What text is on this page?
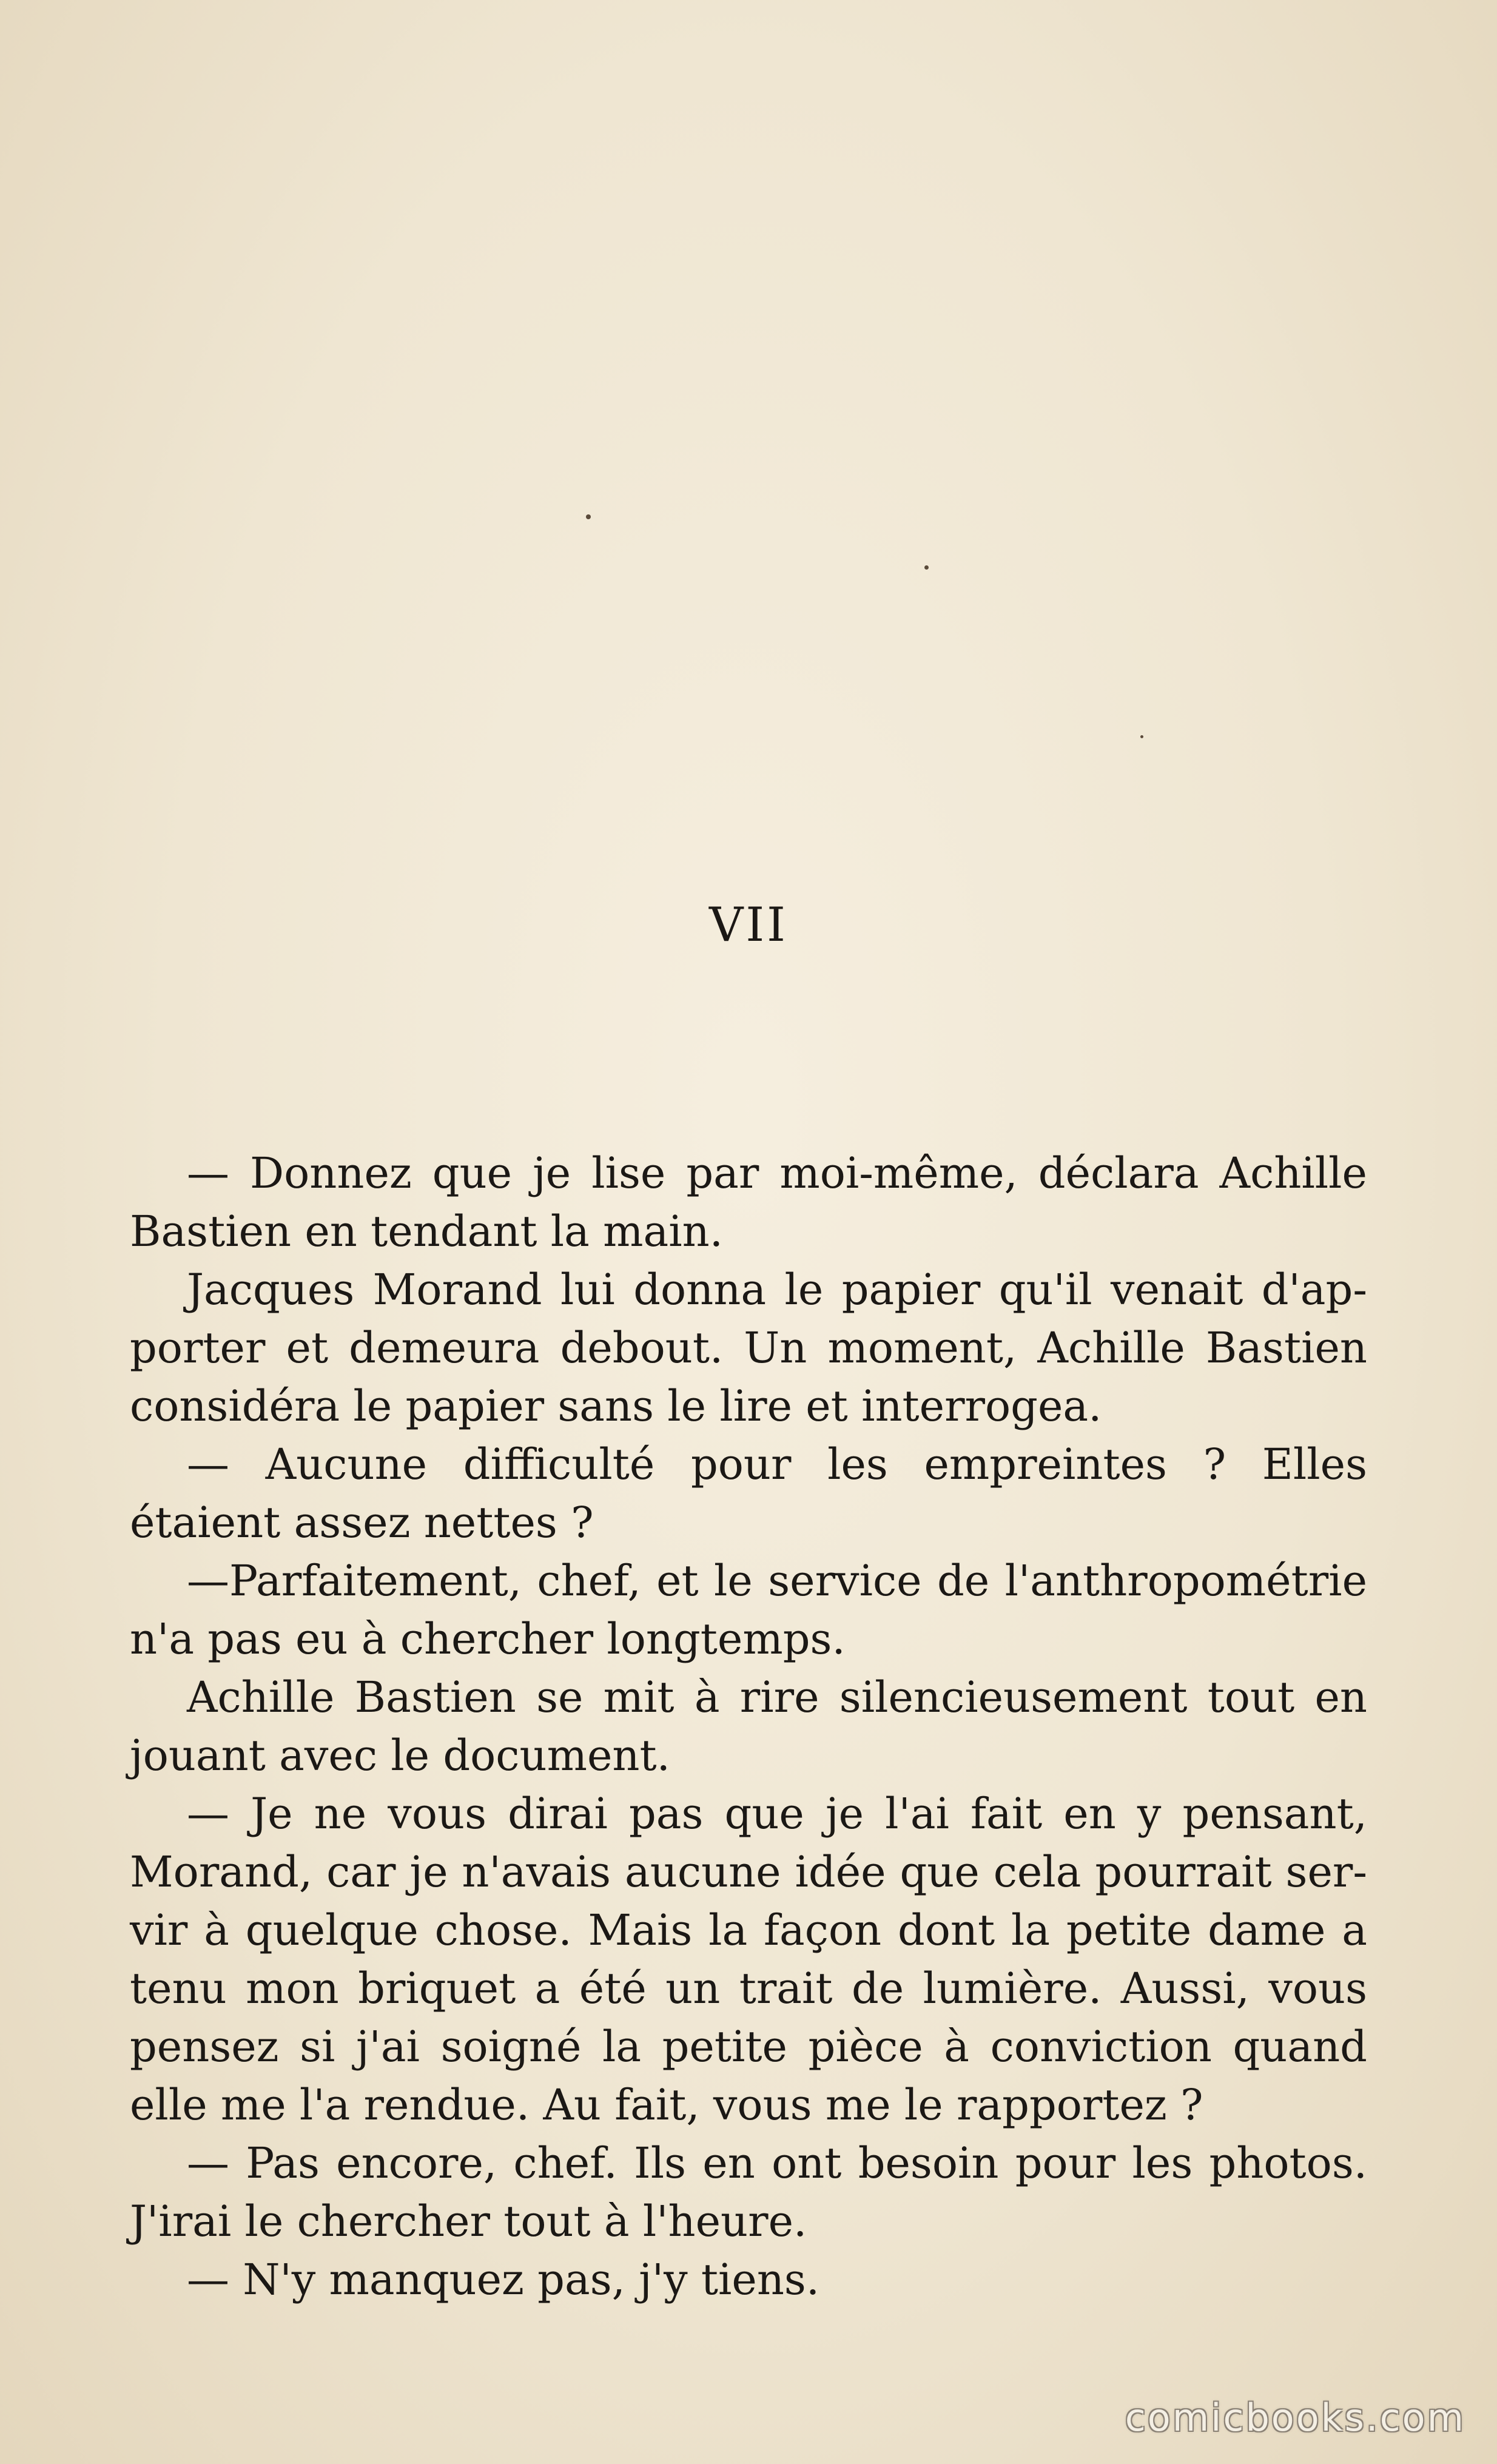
VII

— Donnez que je lise par moi-même, déclara Achille Bastien en tendant la main.

Jacques Morand lui donna le papier qu'il venait d'apporter et demeura debout. Un moment, Achille Bastien considéra le papier sans le lire et interrogea.

— Aucune difficulté pour les empreintes ? Elles étaient assez nettes ?

—Parfaitement, chef, et le service de l'anthropométrie n'a pas eu à chercher longtemps.

Achille Bastien se mit à rire silencieusement tout en jouant avec le document.

— Je ne vous dirai pas que je l'ai fait en y pensant, Morand, car je n'avais aucune idée que cela pourrait servir à quelque chose. Mais la façon dont la petite dame a tenu mon briquet a été un trait de lumière. Aussi, vous pensez si j'ai soigné la petite pièce à conviction quand elle me l'a rendue. Au fait, vous me le rapportez ?

— Pas encore, chef. Ils en ont besoin pour les photos. J'irai le chercher tout à l'heure.

— N'y manquez pas, j'y tiens.

comicbooks.com
